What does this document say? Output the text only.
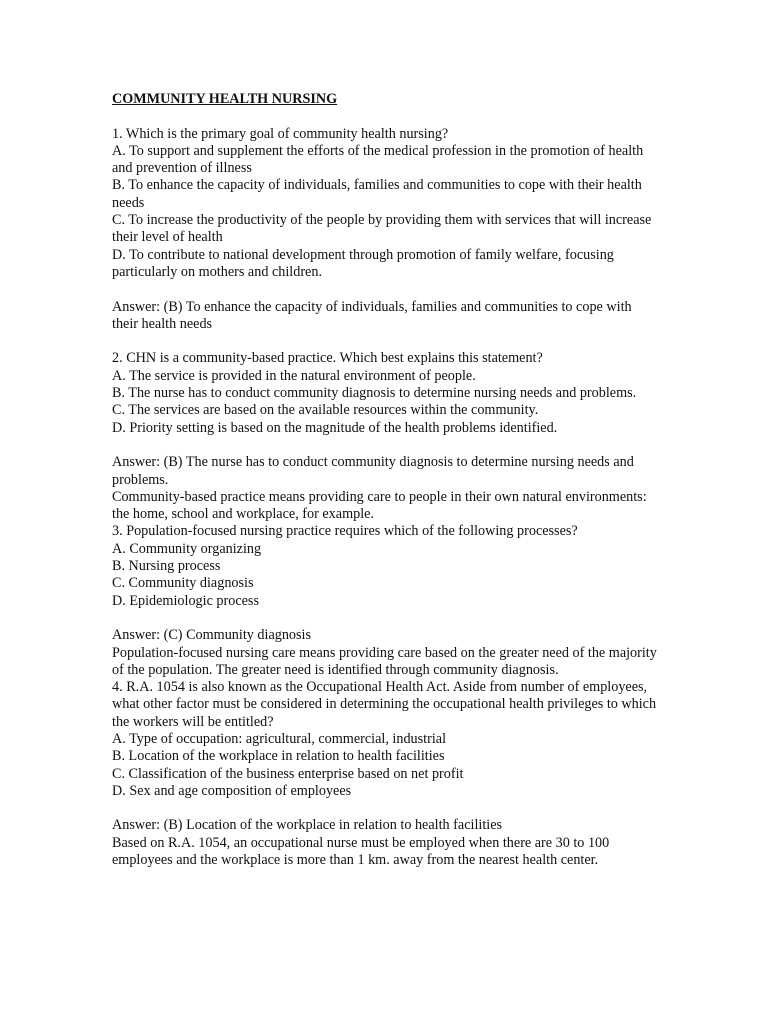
COMMUNITY HEALTH NURSING
1. Which is the primary goal of community health nursing?
A. To support and supplement the efforts of the medical profession in the promotion of health and prevention of illness
B. To enhance the capacity of individuals, families and communities to cope with their health needs
C. To increase the productivity of the people by providing them with services that will increase their level of health
D. To contribute to national development through promotion of family welfare, focusing particularly on mothers and children.
Answer: (B) To enhance the capacity of individuals, families and communities to cope with their health needs
2. CHN is a community-based practice. Which best explains this statement?
A. The service is provided in the natural environment of people.
B. The nurse has to conduct community diagnosis to determine nursing needs and problems.
C. The services are based on the available resources within the community.
D. Priority setting is based on the magnitude of the health problems identified.
Answer: (B) The nurse has to conduct community diagnosis to determine nursing needs and problems.
Community-based practice means providing care to people in their own natural environments: the home, school and workplace, for example.
3. Population-focused nursing practice requires which of the following processes?
A. Community organizing
B. Nursing process
C. Community diagnosis
D. Epidemiologic process
Answer: (C) Community diagnosis
Population-focused nursing care means providing care based on the greater need of the majority of the population. The greater need is identified through community diagnosis.
4. R.A. 1054 is also known as the Occupational Health Act. Aside from number of employees, what other factor must be considered in determining the occupational health privileges to which the workers will be entitled?
A. Type of occupation: agricultural, commercial, industrial
B. Location of the workplace in relation to health facilities
C. Classification of the business enterprise based on net profit
D. Sex and age composition of employees
Answer: (B) Location of the workplace in relation to health facilities
Based on R.A. 1054, an occupational nurse must be employed when there are 30 to 100 employees and the workplace is more than 1 km. away from the nearest health center.
